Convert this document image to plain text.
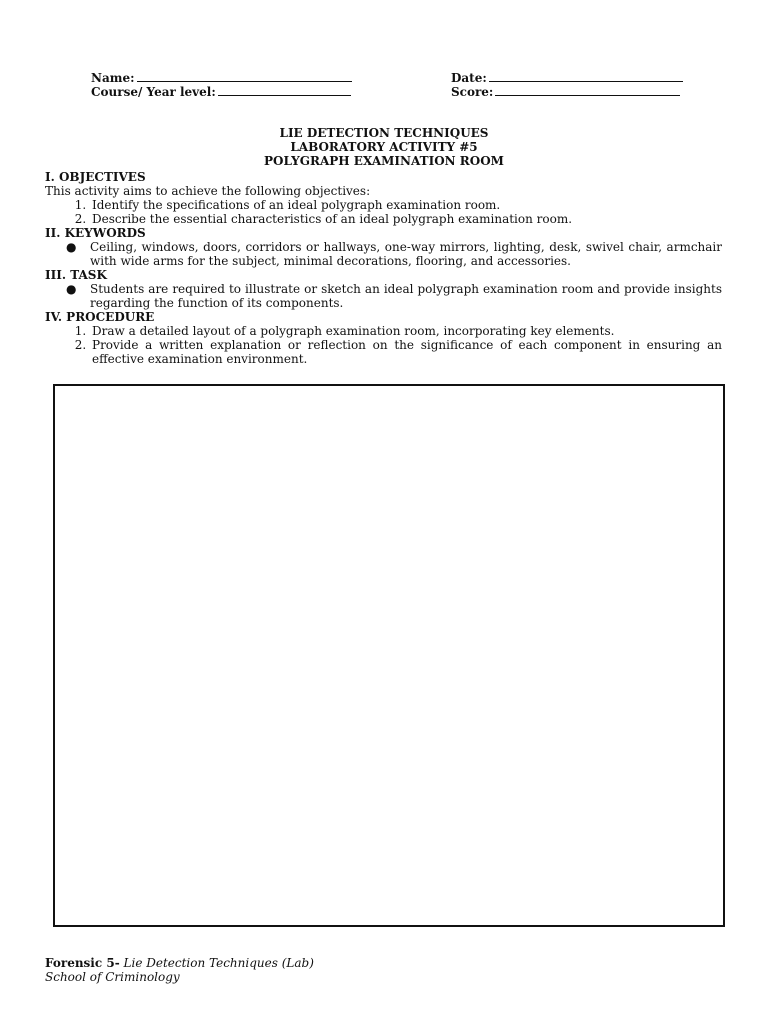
Name:
Course/ Year level:
Date:
Score:
LIE DETECTION TECHNIQUES
LABORATORY ACTIVITY #5
POLYGRAPH EXAMINATION ROOM

I. OBJECTIVES

This activity aims to achieve the following objectives:

1. Identify the specifications of an ideal polygraph examination room.
2. Describe the essential characteristics of an ideal polygraph examination room.

II. KEYWORDS

● Ceiling, windows, doors, corridors or hallways, one-way mirrors, lighting, desk, swivel chair, armchair with wide arms for the subject, minimal decorations, flooring, and accessories.

III. TASK

● Students are required to illustrate or sketch an ideal polygraph examination room and provide insights regarding the function of its components.

IV. PROCEDURE

1. Draw a detailed layout of a polygraph examination room, incorporating key elements.
2. Provide a written explanation or reflection on the significance of each component in ensuring an effective examination environment.
Forensic 5- Lie Detection Techniques (Lab)
School of Criminology
